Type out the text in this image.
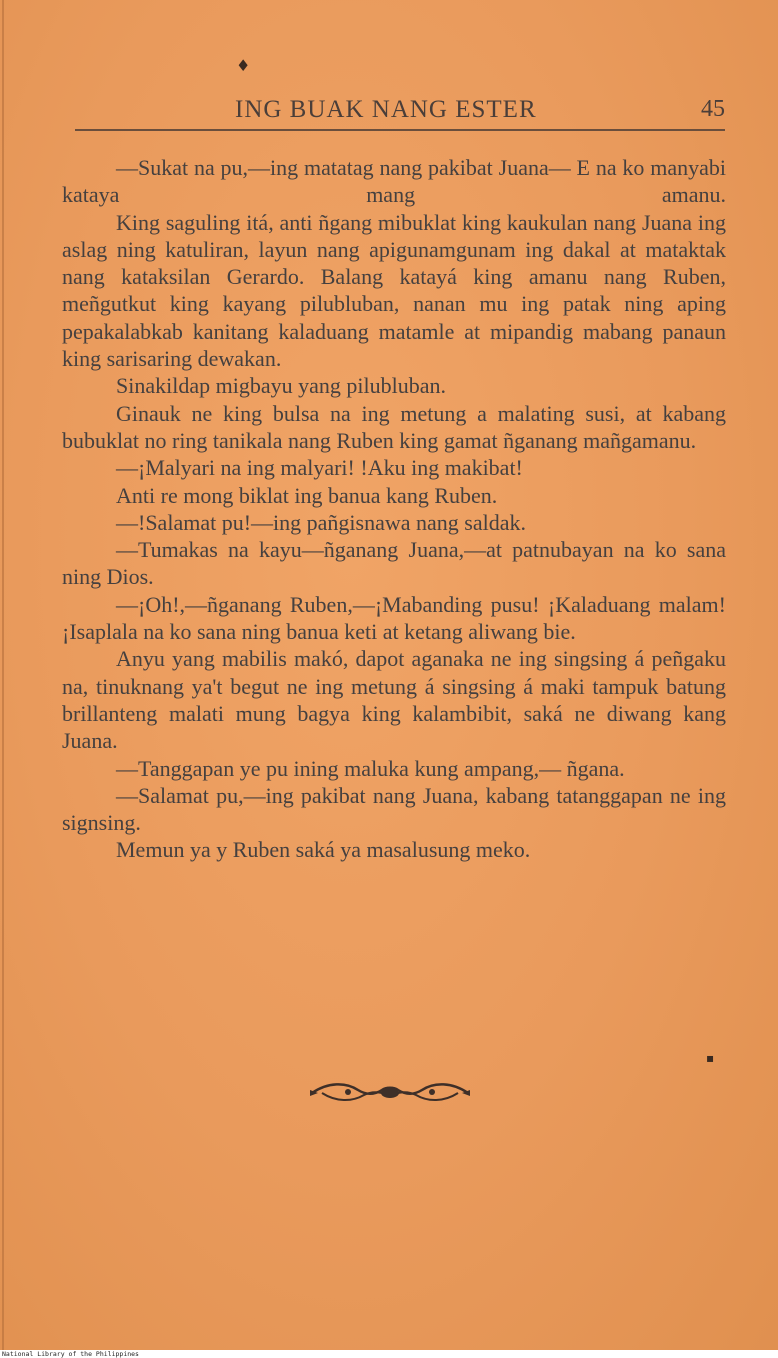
♦
▪
ING BUAK NANG ESTER	45

—Sukat na pu,—ing matatag nang pakibat Juana— E na ko manyabi kataya mang amanu.

King saguling itá, anti ñgang mibuklat king kaukulan nang Juana ing aslag ning katuliran, layun nang apigunamgunam ing dakal at mataktak nang kataksilan Gerardo. Balang katayá king amanu nang Ruben, meñgutkut king kayang pilubluban, nanan mu ing patak ning aping pepakalabkab kanitang kaladuang matamle at mipandig mabang panaun king sarisaring dewakan.

Sinakildap migbayu yang pilubluban.

Ginauk ne king bulsa na ing metung a malating susi, at kabang bubuklat no ring tanikala nang Ruben king gamat ñganang mañgamanu.

—¡Malyari na ing malyari! !Aku ing makibat!

Anti re mong biklat ing banua kang Ruben.

—!Salamat pu!—ing pañgisnawa nang saldak.

—Tumakas na kayu—ñganang Juana,—at patnubayan na ko sana ning Dios.

—¡Oh!,—ñganang Ruben,—¡Mabanding pusu! ¡Kaladuang malam! ¡Isaplala na ko sana ning banua keti at ketang aliwang bie.

Anyu yang mabilis makó, dapot aganaka ne ing singsing á peñgaku na, tinuknang ya't begut ne ing metung á singsing á maki tampuk batung brillanteng malati mung bagya king kalambibit, saká ne diwang kang Juana.

—Tanggapan ye pu ining maluka kung ampang,— ñgana.

—Salamat pu,—ing pakibat nang Juana, kabang tatanggapan ne ing signsing.

Memun ya y Ruben saká ya masalusung meko.

National Library of the Philippines
